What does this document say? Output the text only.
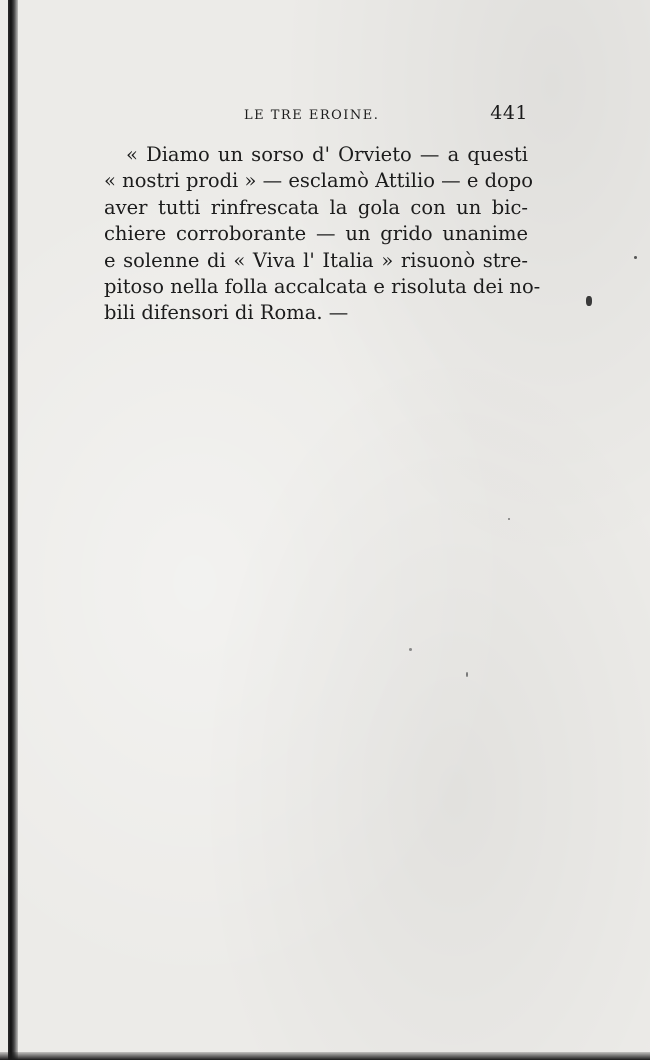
LE TRE EROINE.	441
« Diamo un sorso d' Orvieto — a questi
« nostri prodi » — esclamò Attilio — e dopo
aver tutti rinfrescata la gola con un bic-
chiere corroborante — un grido unanime
e solenne di « Viva l' Italia » risuonò stre-
pitoso nella folla accalcata e risoluta dei no-
bili difensori di Roma. —
